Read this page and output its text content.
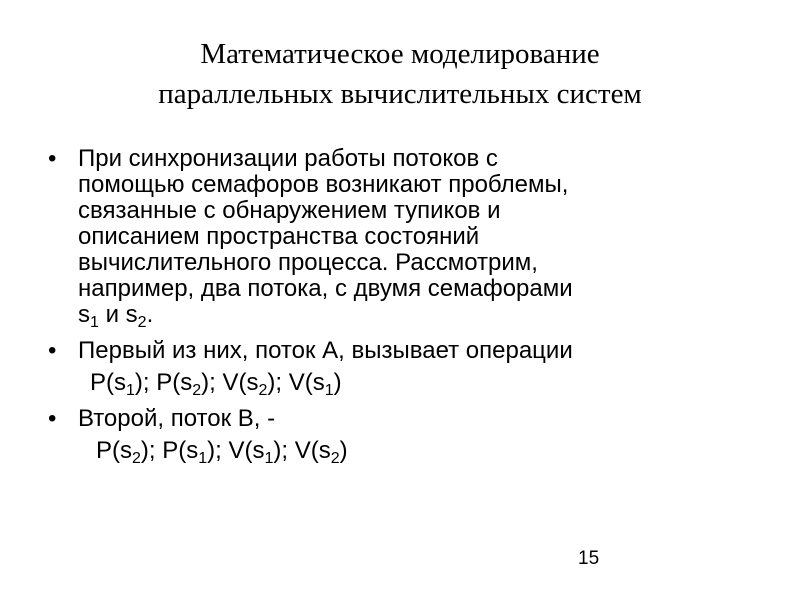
Математическое моделирование
параллельных вычислительных систем
• При синхронизации работы потоков с
помощью семафоров возникают проблемы,
связанные с обнаружением тупиков и
описанием пространства состояний
вычислительного процесса. Рассмотрим,
например, два потока, с двумя семафорами
$s_1$ и $s_2$.
• Первый из них, поток A, вызывает операции
$P(s_1)$; $P(s_2)$; $V(s_2)$; $V(s_1)$
• Второй, поток B, -
$P(s_2)$; $P(s_1)$; $V(s_1)$; $V(s_2)$
15
